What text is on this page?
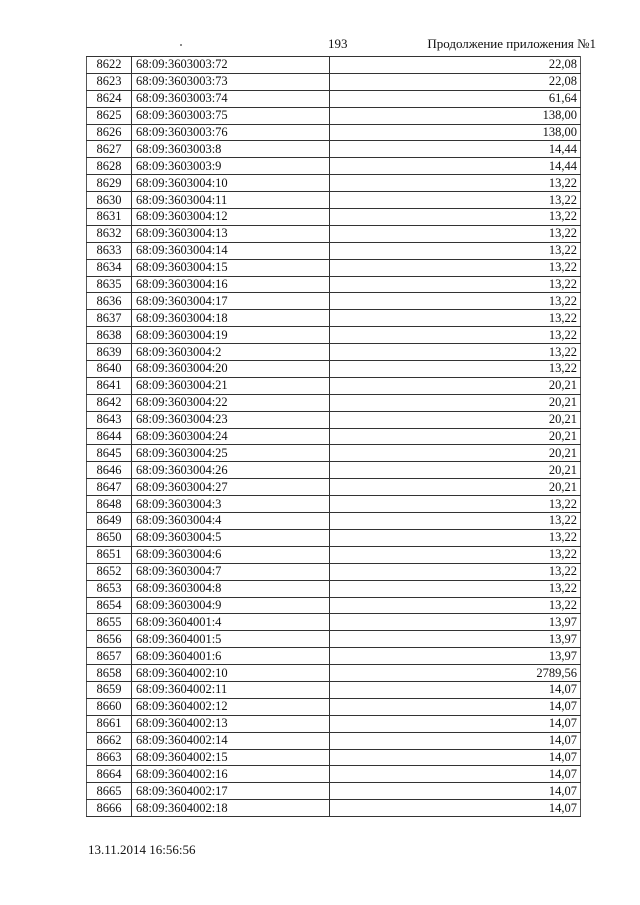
193	Продолжение приложения №1
8622	68:09:3603003:72	22,08
8623	68:09:3603003:73	22,08
8624	68:09:3603003:74	61,64
8625	68:09:3603003:75	138,00
8626	68:09:3603003:76	138,00
8627	68:09:3603003:8	14,44
8628	68:09:3603003:9	14,44
8629	68:09:3603004:10	13,22
8630	68:09:3603004:11	13,22
8631	68:09:3603004:12	13,22
8632	68:09:3603004:13	13,22
8633	68:09:3603004:14	13,22
8634	68:09:3603004:15	13,22
8635	68:09:3603004:16	13,22
8636	68:09:3603004:17	13,22
8637	68:09:3603004:18	13,22
8638	68:09:3603004:19	13,22
8639	68:09:3603004:2	13,22
8640	68:09:3603004:20	13,22
8641	68:09:3603004:21	20,21
8642	68:09:3603004:22	20,21
8643	68:09:3603004:23	20,21
8644	68:09:3603004:24	20,21
8645	68:09:3603004:25	20,21
8646	68:09:3603004:26	20,21
8647	68:09:3603004:27	20,21
8648	68:09:3603004:3	13,22
8649	68:09:3603004:4	13,22
8650	68:09:3603004:5	13,22
8651	68:09:3603004:6	13,22
8652	68:09:3603004:7	13,22
8653	68:09:3603004:8	13,22
8654	68:09:3603004:9	13,22
8655	68:09:3604001:4	13,97
8656	68:09:3604001:5	13,97
8657	68:09:3604001:6	13,97
8658	68:09:3604002:10	2789,56
8659	68:09:3604002:11	14,07
8660	68:09:3604002:12	14,07
8661	68:09:3604002:13	14,07
8662	68:09:3604002:14	14,07
8663	68:09:3604002:15	14,07
8664	68:09:3604002:16	14,07
8665	68:09:3604002:17	14,07
8666	68:09:3604002:18	14,07
13.11.2014 16:56:56
